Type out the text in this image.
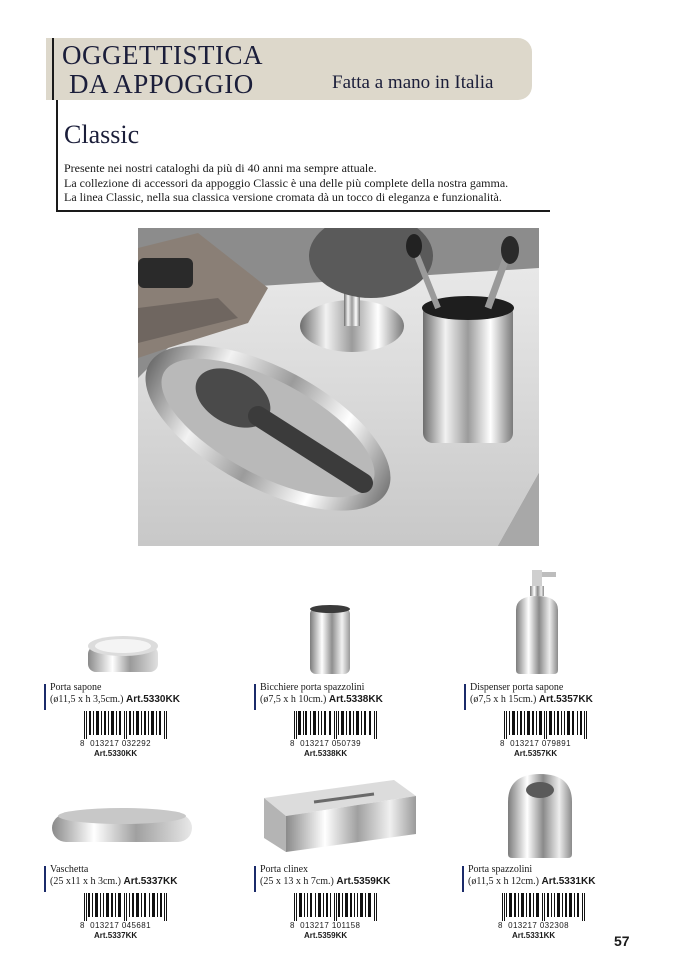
OGGETTISTICA
DA APPOGGIO	Fatta a mano in Italia
Classic
Presente nei nostri cataloghi da più di 40 anni ma sempre attuale.
La collezione di accessori da appoggio Classic è una delle più complete della nostra gamma.
La linea Classic, nella sua classica versione cromata dà un tocco di eleganza e funzionalità.
Porta sapone
(ø11,5 x h 3,5cm.) Art.5330KK
8 013217 032292
Art.5330KK
Bicchiere porta spazzolini
(ø7,5 x h 10cm.) Art.5338KK
8 013217 050739
Art.5338KK
Dispenser porta sapone
(ø7,5 x h 15cm.) Art.5357KK
8 013217 079891
Art.5357KK
Vaschetta
(25 x11 x h 3cm.) Art.5337KK
8 013217 045681
Art.5337KK
Porta clinex
(25 x 13 x h 7cm.) Art.5359KK
8 013217 101158
Art.5359KK
Porta spazzolini
(ø11,5 x h 12cm.) Art.5331KK
8 013217 032308
Art.5331KK	57
